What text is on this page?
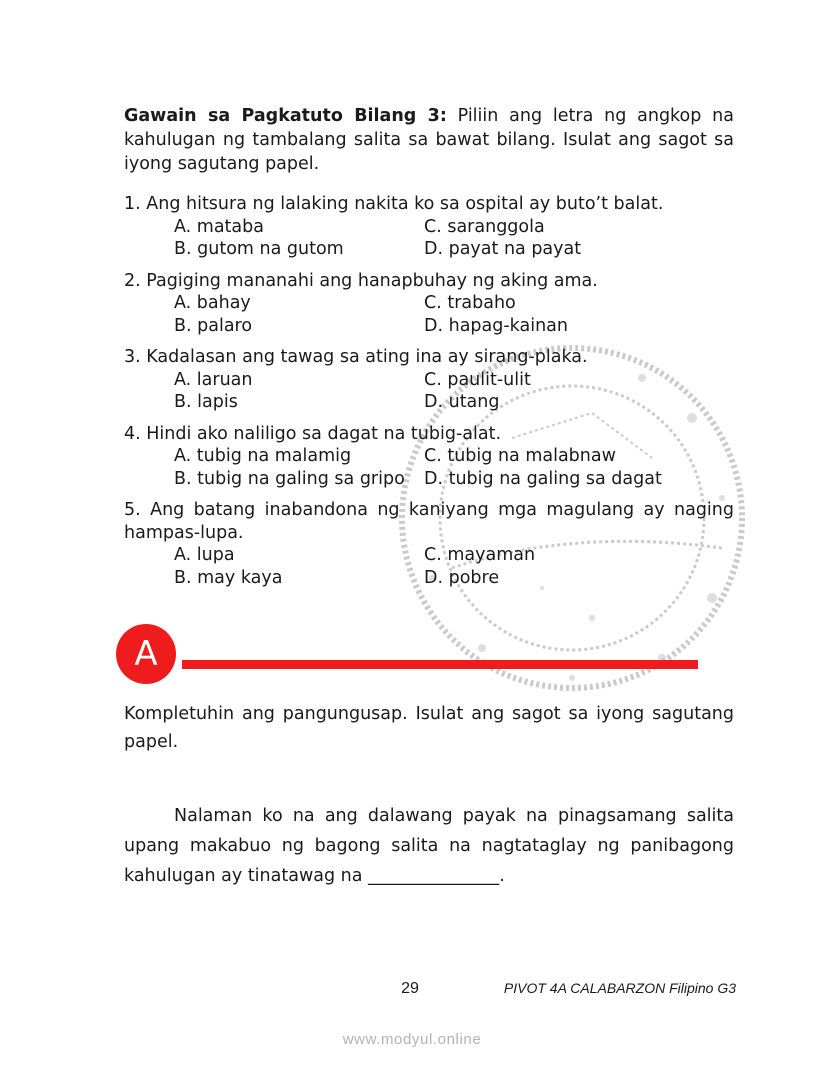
Gawain sa Pagkatuto Bilang 3: Piliin ang letra ng angkop na kahulugan ng tambalang salita sa bawat bilang. Isulat ang sagot sa iyong sagutang papel.
1. Ang hitsura ng lalaking nakita ko sa ospital ay buto’t balat.
A. mataba	C. saranggola
B. gutom na gutom	D. payat na payat
2. Pagiging mananahi ang hanapbuhay ng aking ama.
A. bahay	C. trabaho
B. palaro	D. hapag-kainan
3. Kadalasan ang tawag sa ating ina ay sirang-plaka.
A. laruan	C. paulit-ulit
B. lapis	D. utang
4. Hindi ako naliligo sa dagat na tubig-alat.
A. tubig na malamig	C. tubig na malabnaw
B. tubig na galing sa gripo	D. tubig na galing sa dagat
5. Ang batang inabandona ng kaniyang mga magulang ay naging hampas-lupa.
A. lupa	C. mayaman
B. may kaya	D. pobre
A
Kompletuhin ang pangungusap. Isulat ang sagot sa iyong sagutang papel.
Nalaman ko na ang dalawang payak na pinagsamang salita upang makabuo ng bagong salita na nagtataglay ng panibagong kahulugan ay tinatawag na _______________.
29	PIVOT 4A CALABARZON Filipino G3
www.modyul.online
